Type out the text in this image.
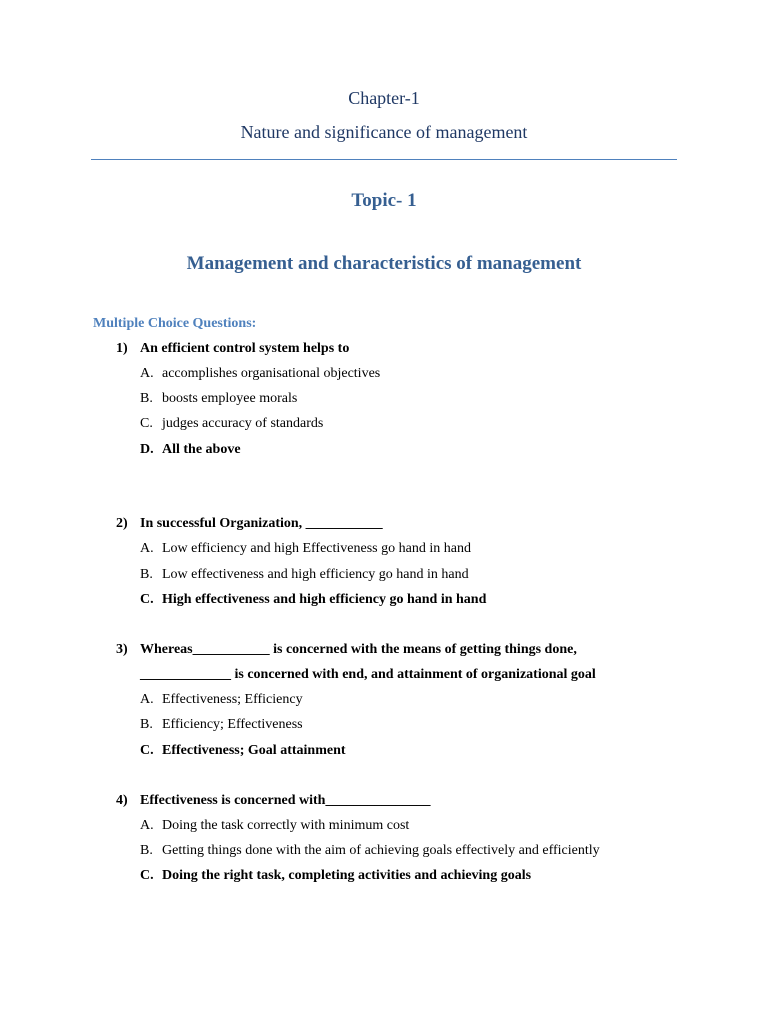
Chapter-1
Nature and significance of management
Topic- 1
Management and characteristics of management
Multiple Choice Questions:
1) An efficient control system helps to
A. accomplishes organisational objectives
B. boosts employee morals
C. judges accuracy of standards
D. All the above
2) In successful Organization, ___________
A. Low efficiency and high Effectiveness go hand in hand
B. Low effectiveness and high efficiency go hand in hand
C. High effectiveness and high efficiency go hand in hand
3) Whereas___________ is concerned with the means of getting things done,
_____________ is concerned with end, and attainment of organizational goal
A. Effectiveness; Efficiency
B. Efficiency; Effectiveness
C. Effectiveness; Goal attainment
4) Effectiveness is concerned with_______________
A. Doing the task correctly with minimum cost
B. Getting things done with the aim of achieving goals effectively and efficiently
C. Doing the right task, completing activities and achieving goals
